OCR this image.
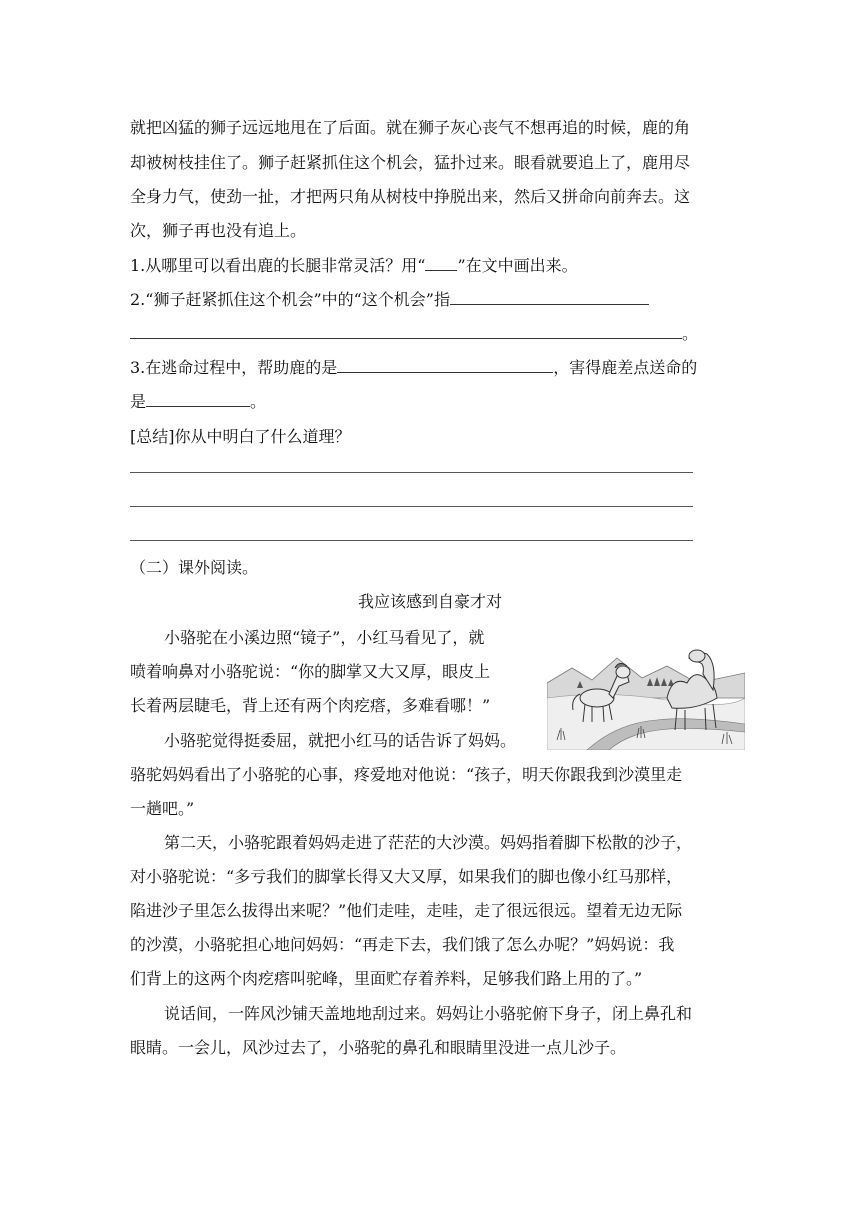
就把凶猛的狮子远远地甩在了后面。就在狮子灰心丧气不想再追的时候，鹿的角
却被树枝挂住了。狮子赶紧抓住这个机会，猛扑过来。眼看就要追上了，鹿用尽
全身力气，使劲一扯，才把两只角从树枝中挣脱出来，然后又拼命向前奔去。这
次，狮子再也没有追上。
1.从哪里可以看出鹿的长腿非常灵活？用“ ”在文中画出来。
2.“狮子赶紧抓住这个机会”中的“这个机会”指
。
3.在逃命过程中，帮助鹿的是	，害得鹿差点送命的
是	。
[总结]你从中明白了什么道理？
（二）课外阅读。
我应该感到自豪才对
小骆驼在小溪边照“镜子”，小红马看见了，就
喷着响鼻对小骆驼说：“你的脚掌又大又厚，眼皮上
长着两层睫毛，背上还有两个肉疙瘩，多难看哪！”
小骆驼觉得挺委屈，就把小红马的话告诉了妈妈。
骆驼妈妈看出了小骆驼的心事，疼爱地对他说：“孩子，明天你跟我到沙漠里走
一趟吧。”
第二天，小骆驼跟着妈妈走进了茫茫的大沙漠。妈妈指着脚下松散的沙子，
对小骆驼说：“多亏我们的脚掌长得又大又厚，如果我们的脚也像小红马那样，
陷进沙子里怎么拔得出来呢？”他们走哇，走哇，走了很远很远。望着无边无际
的沙漠，小骆驼担心地问妈妈：“再走下去，我们饿了怎么办呢？”妈妈说：我
们背上的这两个肉疙瘩叫驼峰，里面贮存着养料，足够我们路上用的了。”
说话间，一阵风沙铺天盖地地刮过来。妈妈让小骆驼俯下身子，闭上鼻孔和
眼睛。一会儿，风沙过去了，小骆驼的鼻孔和眼睛里没进一点儿沙子。
